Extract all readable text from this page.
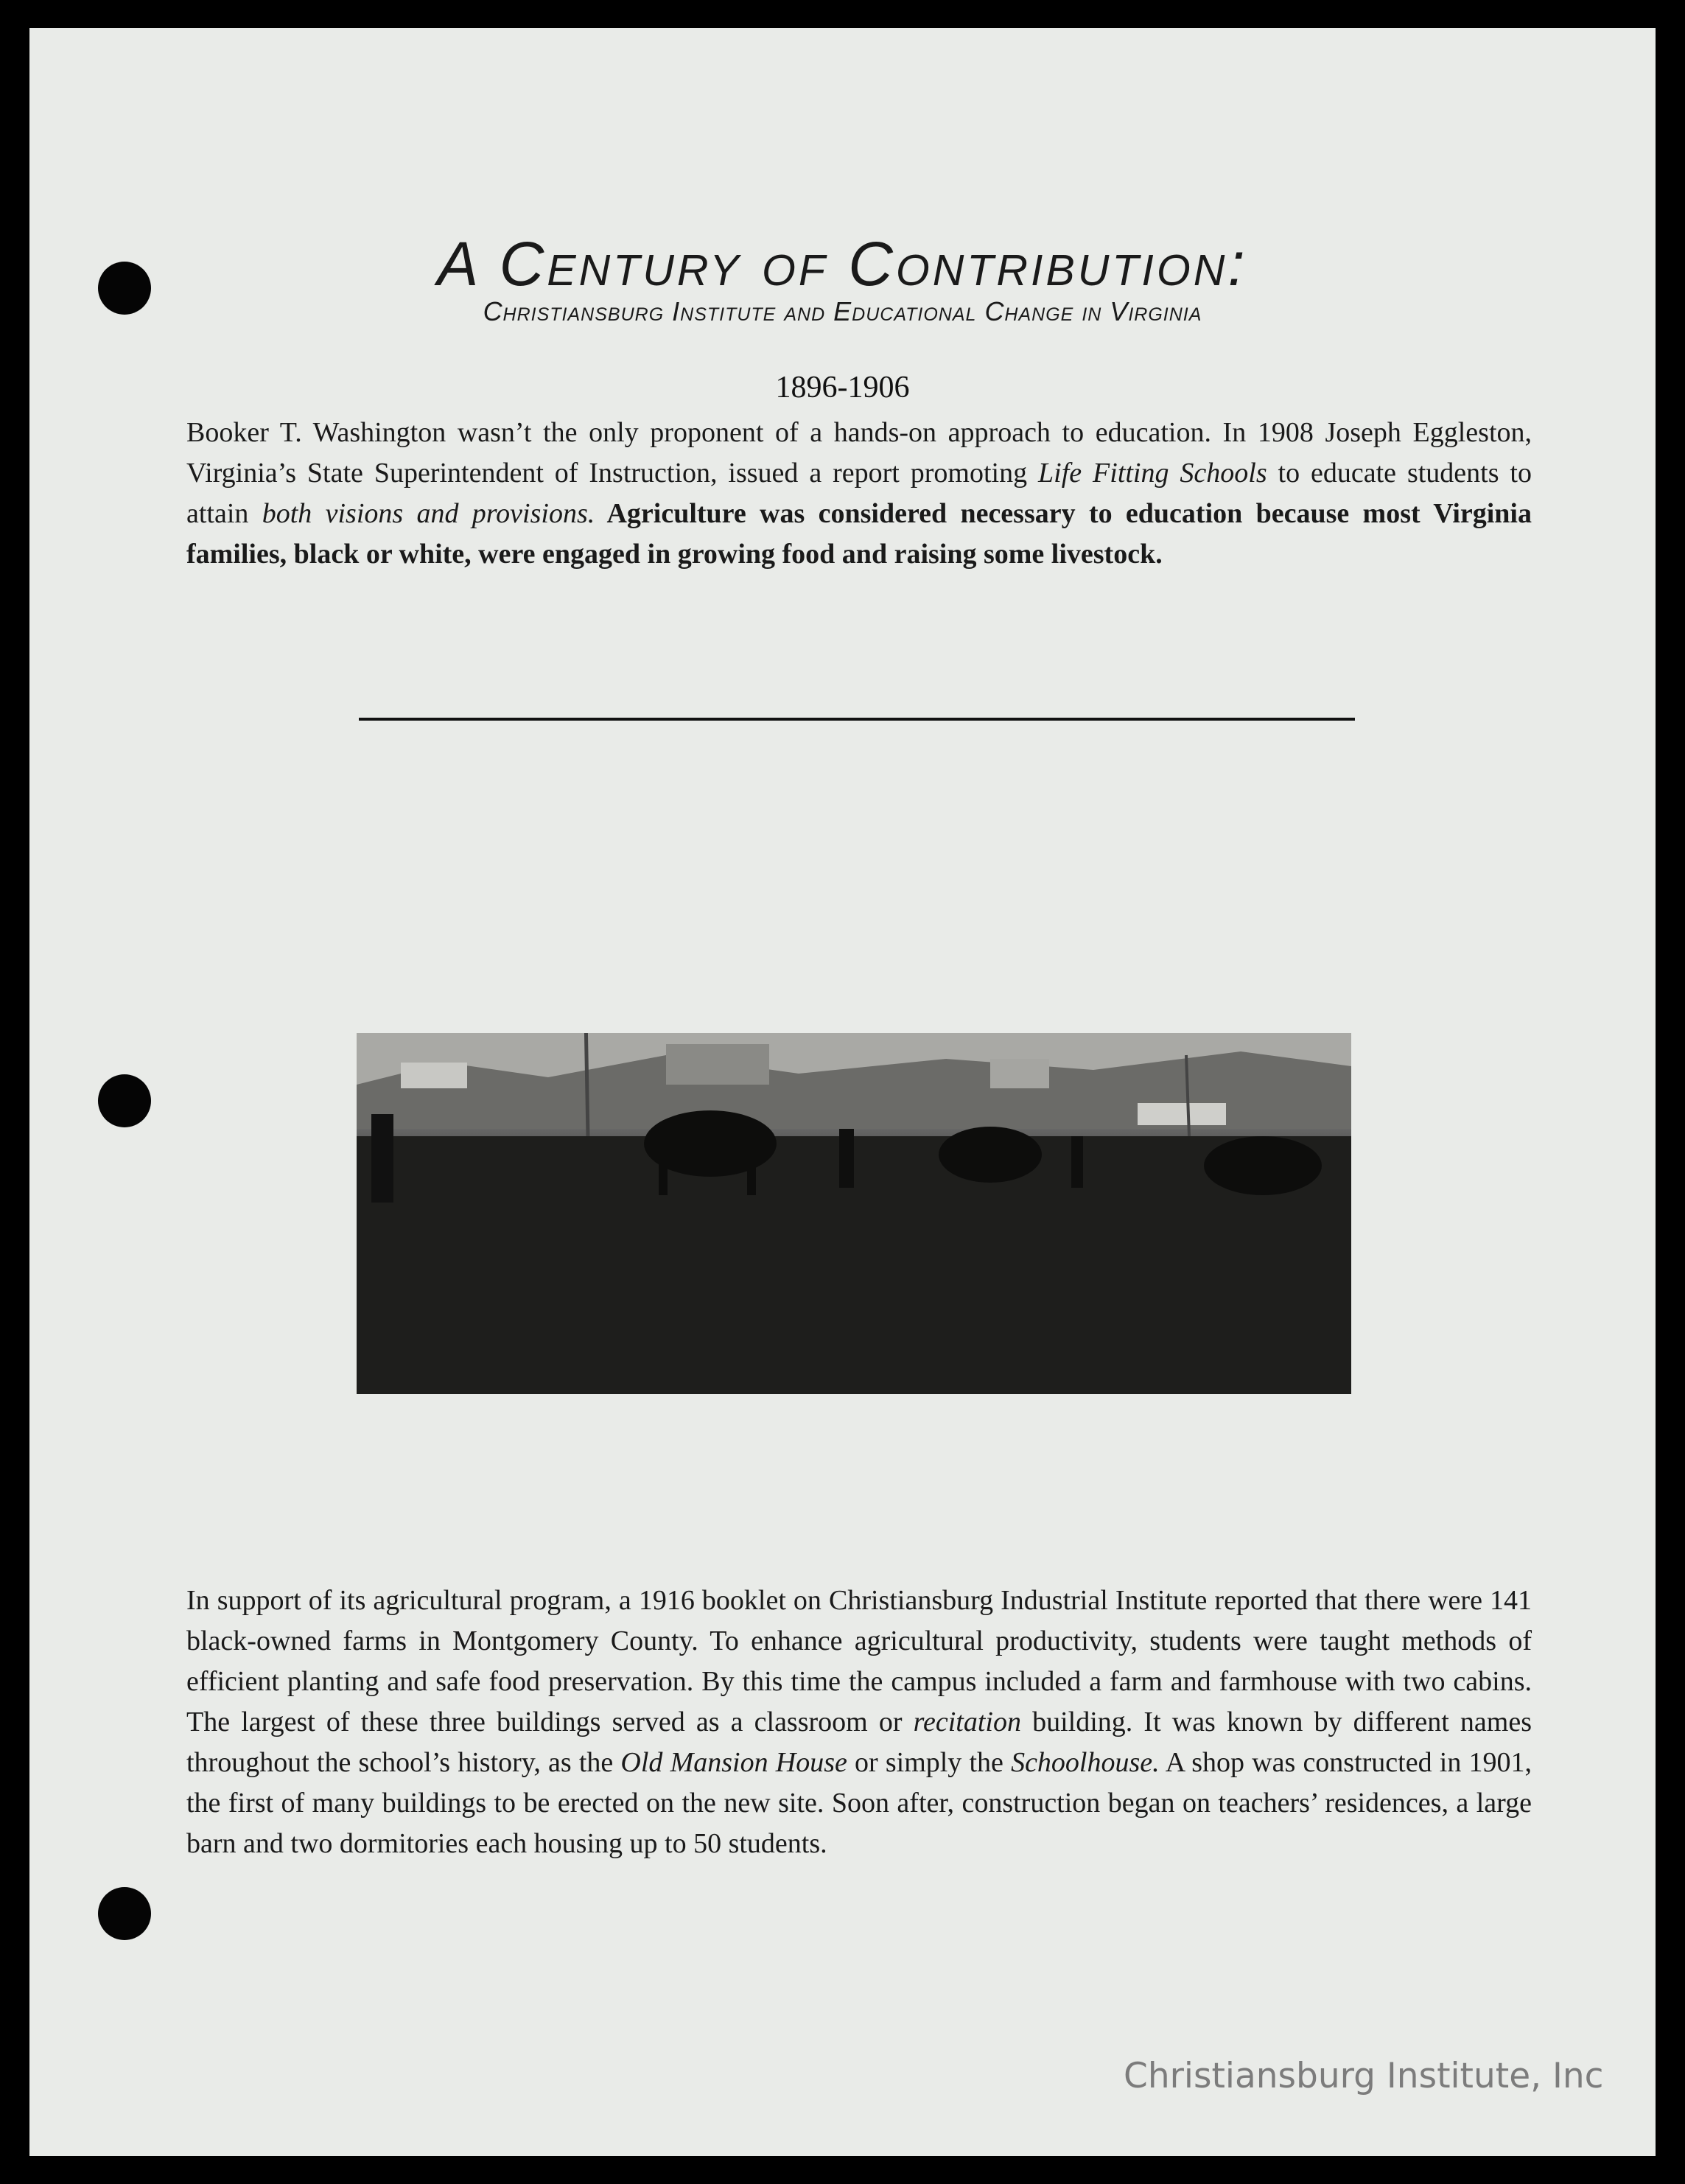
A Century of Contribution:
Christiansburg Institute and Educational Change in Virginia
1896-1906
Booker T. Washington wasn’t the only proponent of a hands-on approach to education. In 1908 Joseph Eggleston, Virginia’s State Superintendent of Instruction, issued a report promoting Life Fitting Schools to educate students to attain both visions and provisions. Agriculture was considered necessary to education because most Virginia families, black or white, were engaged in growing food and raising some livestock.
In support of its agricultural program, a 1916 booklet on Christiansburg Industrial Institute reported that there were 141 black-owned farms in Montgomery County. To enhance agricultural productivity, students were taught methods of efficient planting and safe food preservation. By this time the campus included a farm and farmhouse with two cabins. The largest of these three buildings served as a classroom or recitation building. It was known by different names throughout the school’s history, as the Old Mansion House or simply the Schoolhouse. A shop was constructed in 1901, the first of many buildings to be erected on the new site. Soon after, construction began on teachers’ residences, a large barn and two dormitories each housing up to 50 students.
Christiansburg Institute, Inc
